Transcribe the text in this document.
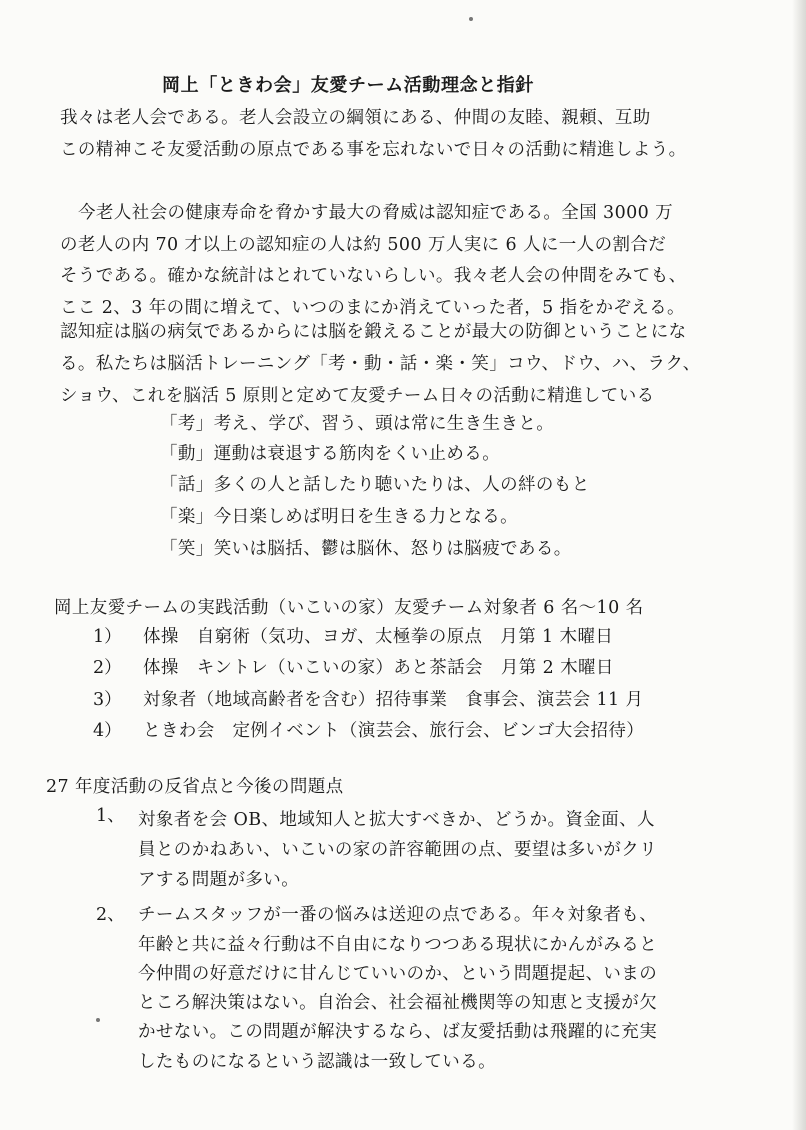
岡上「ときわ会」友愛チーム活動理念と指針
我々は老人会である。老人会設立の綱領にある、仲間の友睦、親頼、互助
この精神こそ友愛活動の原点である事を忘れないで日々の活動に精進しよう。
今老人社会の健康寿命を脅かす最大の脅威は認知症である。全国 3000 万
の老人の内 70 才以上の認知症の人は約 500 万人実に 6 人に一人の割合だ
そうである。確かな統計はとれていないらしい。我々老人会の仲間をみても、
ここ 2、3 年の間に増えて、いつのまにか消えていった者，5 指をかぞえる。
認知症は脳の病気であるからには脳を鍛えることが最大の防御ということにな
る。私たちは脳活トレーニング「考・動・話・楽・笑」コウ、ドウ、ハ、ラク、
ショウ、これを脳活 5 原則と定めて友愛チーム日々の活動に精進している
「考」考え、学び、習う、頭は常に生き生きと。
「動」運動は衰退する筋肉をくい止める。
「話」多くの人と話したり聴いたりは、人の絆のもと
「楽」今日楽しめば明日を生きる力となる。
「笑」笑いは脳括、鬱は脳休、怒りは脳疲である。
岡上友愛チームの実践活動（いこいの家）友愛チーム対象者 6 名～10 名
1） 体操　自窮術（気功、ヨガ、太極拳の原点　月第 1 木曜日
2） 体操　キントレ（いこいの家）あと茶話会　月第 2 木曜日
3） 対象者（地域高齢者を含む）招待事業　食事会、演芸会 11 月
4） ときわ会　定例イベント（演芸会、旅行会、ビンゴ大会招待）
27 年度活動の反省点と今後の問題点
1、 対象者を会 OB、地域知人と拡大すべきか、どうか。資金面、人
員とのかねあい、いこいの家の許容範囲の点、要望は多いがクリ
アする問題が多い。
2、 チームスタッフが一番の悩みは送迎の点である。年々対象者も、
年齢と共に益々行動は不自由になりつつある現状にかんがみると
今仲間の好意だけに甘んじていいのか、という問題提起、いまの
ところ解決策はない。自治会、社会福祉機関等の知恵と支援が欠
かせない。この問題が解決するなら、ば友愛括動は飛躍的に充実
したものになるという認識は一致している。
